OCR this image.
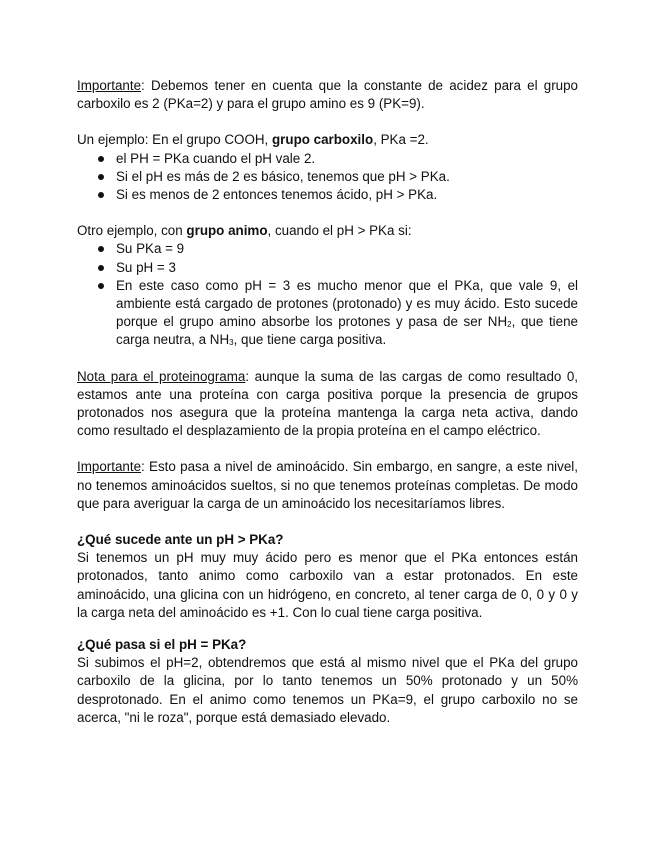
Importante: Debemos tener en cuenta que la constante de acidez para el grupo carboxilo es 2 (PKa=2) y para el grupo amino es 9 (PK=9).

Un ejemplo: En el grupo COOH, grupo carboxilo, PKa =2.

el PH = PKa cuando el pH vale 2.
Si el pH es más de 2 es básico, tenemos que pH > PKa.
Si es menos de 2 entonces tenemos ácido, pH > PKa.

Otro ejemplo, con grupo animo, cuando el pH > PKa si:

Su PKa = 9
Su pH = 3
En este caso como pH = 3 es mucho menor que el PKa, que vale 9, el ambiente está cargado de protones (protonado) y es muy ácido. Esto sucede porque el grupo amino absorbe los protones y pasa de ser $NH_2$, que tiene carga neutra, a $NH_3$, que tiene carga positiva.

Nota para el proteinograma: aunque la suma de las cargas de como resultado 0, estamos ante una proteína con carga positiva porque la presencia de grupos protonados nos asegura que la proteína mantenga la carga neta activa, dando como resultado el desplazamiento de la propia proteína en el campo eléctrico.

Importante: Esto pasa a nivel de aminoácido. Sin embargo, en sangre, a este nivel, no tenemos aminoácidos sueltos, si no que tenemos proteínas completas. De modo que para averiguar la carga de un aminoácido los necesitaríamos libres.

¿Qué sucede ante un pH > PKa?

Si tenemos un pH muy muy ácido pero es menor que el PKa entonces están protonados, tanto animo como carboxilo van a estar protonados. En este aminoácido, una glicina con un hidrógeno, en concreto, al tener carga de 0, 0 y 0 y la carga neta del aminoácido es +1. Con lo cual tiene carga positiva.

¿Qué pasa si el pH = PKa?

Si subimos el pH=2, obtendremos que está al mismo nivel que el PKa del grupo carboxilo de la glicina, por lo tanto tenemos un 50% protonado y un 50% desprotonado. En el animo como tenemos un PKa=9, el grupo carboxilo no se acerca, "ni le roza", porque está demasiado elevado.
